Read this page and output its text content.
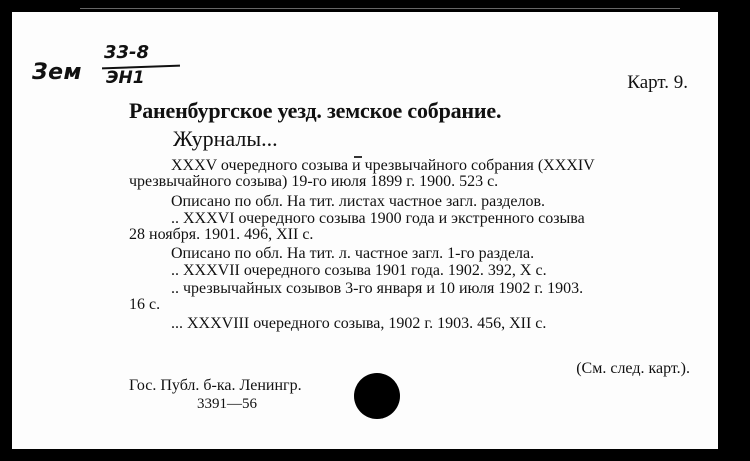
Зем
33-8
ЭН1	Карт. 9.
Раненбургское уезд. земское собрание.
Журналы...
XXXV очередного созыва и чрезвычайного собрания (XXXIV
чрезвычайного созыва) 19-го июля 1899 г. 1900. 523 с.
Описано по обл. На тит. листах частное загл. разделов.
.. XXXVI очередного созыва 1900 года и экстренного созыва
28 ноября. 1901. 496, XII с.
Описано по обл. На тит. л. частное загл. 1-го раздела.
.. XXXVII очередного созыва 1901 года. 1902. 392, X с.
.. чрезвычайных созывов 3-го января и 10 июля 1902 г. 1903.
16 с.
... XXXVIII очередного созыва, 1902 г. 1903. 456, XII с.
(См. след. карт.).
Гос. Публ. б-ка. Ленингр.
3391—56
